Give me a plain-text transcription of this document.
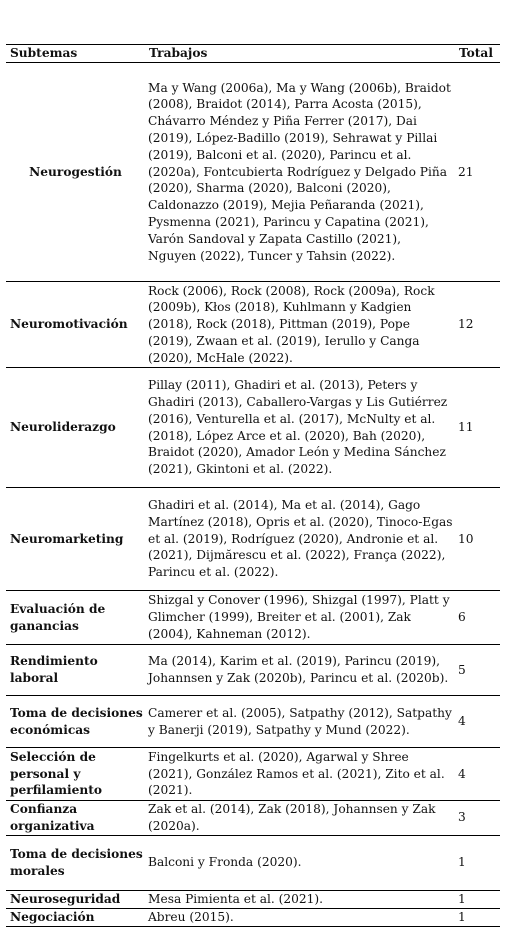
Subtemas	Trabajos	Total
Neurogestión	Ma y Wang (2006a), Ma y Wang (2006b), Braidot (2008), Braidot (2014), Parra Acosta (2015), Chávarro Méndez y Piña Ferrer (2017), Dai (2019), López-Badillo (2019), Sehrawat y Pillai (2019), Balconi et al. (2020), Parincu et al. (2020a), Fontcubierta Rodríguez y Delgado Piña (2020), Sharma (2020), Balconi (2020), Caldonazzo (2019), Mejia Peñaranda (2021), Pysmenna (2021), Parincu y Capatina (2021), Varón Sandoval y Zapata Castillo (2021), Nguyen (2022), Tuncer y Tahsin (2022).	21
Neuromotivación	Rock (2006), Rock (2008), Rock (2009a), Rock (2009b), Kłos (2018), Kuhlmann y Kadgien (2018), Rock (2018), Pittman (2019), Pope (2019), Zwaan et al. (2019), Ierullo y Canga (2020), McHale (2022).	12
Neuroliderazgo	Pillay (2011), Ghadiri et al. (2013), Peters y Ghadiri (2013), Caballero-Vargas y Lis Gutiérrez (2016), Venturella et al. (2017), McNulty et al. (2018), López Arce et al. (2020), Bah (2020), Braidot (2020), Amador León y Medina Sánchez (2021), Gkintoni et al. (2022).	11
Neuromarketing	Ghadiri et al. (2014), Ma et al. (2014), Gago Martínez (2018), Opris et al. (2020), Tinoco-Egas et al. (2019), Rodríguez (2020), Andronie et al. (2021), Dijmărescu et al. (2022), França (2022), Parincu et al. (2022).	10
Evaluación de ganancias	Shizgal y Conover (1996), Shizgal (1997), Platt y Glimcher (1999), Breiter et al. (2001), Zak (2004), Kahneman (2012).	6
Rendimiento laboral	Ma (2014), Karim et al. (2019), Parincu (2019), Johannsen y Zak (2020b), Parincu et al. (2020b).	5
Toma de decisiones económicas	Camerer et al. (2005), Satpathy (2012), Satpathy y Banerji (2019), Satpathy y Mund (2022).	4
Selección de personal y perfilamiento	Fingelkurts et al. (2020), Agarwal y Shree (2021), González Ramos et al. (2021), Zito et al. (2021).	4
Confianza organizativa	Zak et al. (2014), Zak (2018), Johannsen y Zak (2020a).	3
Toma de decisiones morales	Balconi y Fronda (2020).	1
Neuroseguridad	Mesa Pimienta et al. (2021).	1
Negociación	Abreu (2015).	1
